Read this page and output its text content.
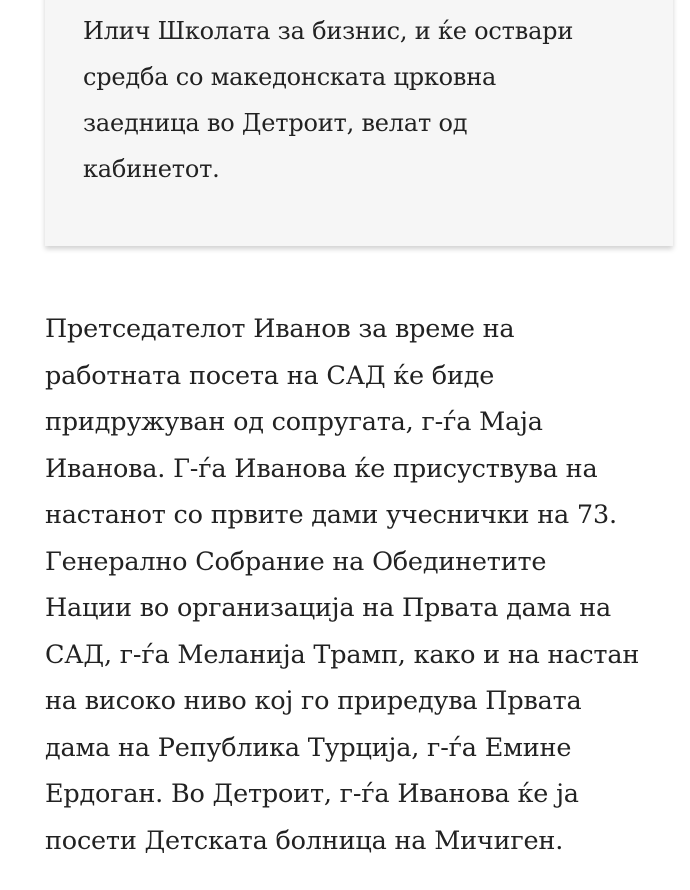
Илич Школата за бизнис, и ќе оствари
средба со македонската црковна
заедница во Детроит, велат од
кабинетот.

Претседателот Иванов за време на
работната посета на САД ќе биде
придружуван од сопругата, г-ѓа Маја
Иванова. Г-ѓа Иванова ќе присуствува на
настанот со првите дами учеснички на 73.
Генерално Собрание на Обединетите
Нации во организација на Првата дама на
САД, г-ѓа Меланија Трамп, како и на настан
на високо ниво кој го приредува Првата
дама на Република Турција, г-ѓа Емине
Ердоган. Во Детроит, г-ѓа Иванова ќе ја
посети Детската болница на Мичиген.
